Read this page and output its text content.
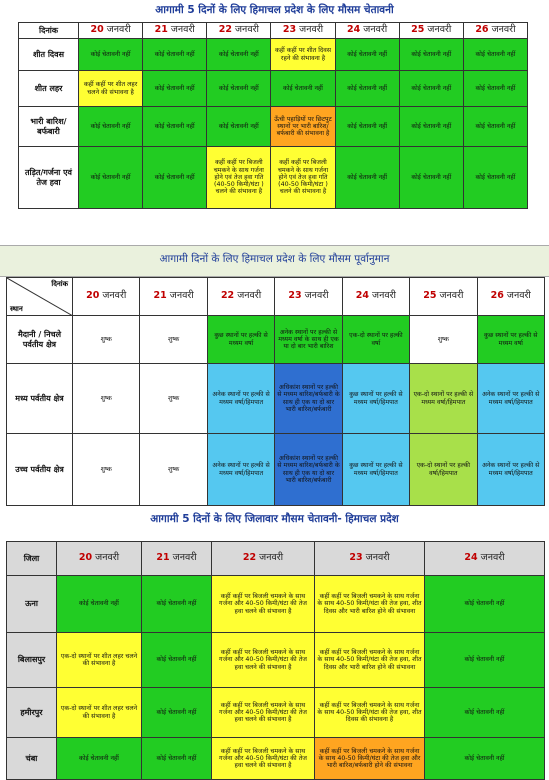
आगामी 5 दिनों के लिए हिमाचल प्रदेश के लिए मौसम चेतावनी
दिनांक	20 जनवरी	21 जनवरी	22 जनवरी	23 जनवरी	24 जनवरी	25 जनवरी	26 जनवरी
शीत दिवस	कोई चेतावनी नहीं	कोई चेतावनी नहीं	कोई चेतावनी नहीं	कहीं कहीं पर शीत दिवस रहने की संभावना है	कोई चेतावनी नहीं	कोई चेतावनी नहीं	कोई चेतावनी नहीं
शीत लहर	कहीं कहीं पर शीत लहर चलने की संभावना है	कोई चेतावनी नहीं	कोई चेतावनी नहीं	कोई चेतावनी नहीं	कोई चेतावनी नहीं	कोई चेतावनी नहीं	कोई चेतावनी नहीं
भारी बारिश/बर्फबारी	कोई चेतावनी नहीं	कोई चेतावनी नहीं	कोई चेतावनी नहीं	ऊँची पहाड़ियों पर छिटपुट स्थानों पर भारी बारिश/बर्फबारी की संभावना है	कोई चेतावनी नहीं	कोई चेतावनी नहीं	कोई चेतावनी नहीं
तड़ित/गर्जना एवं तेज हवा	कोई चेतावनी नहीं	कोई चेतावनी नहीं	कहीं कहीं पर बिजली चमकने के साथ गर्जना होने एवं तेज हवा गति (40-50 किमी/घंटा ) चलने की संभावना है	कहीं कहीं पर बिजली चमकने के साथ गर्जना होने एवं तेज हवा गति (40-50 किमी/घंटा ) चलने की संभावना है	कोई चेतावनी नहीं	कोई चेतावनी नहीं	कोई चेतावनी नहीं
आगामी दिनों के लिए हिमाचल प्रदेश के लिए मौसम पूर्वानुमान
दिनांक
स्थान	20 जनवरी	21 जनवरी	22 जनवरी	23 जनवरी	24 जनवरी	25 जनवरी	26 जनवरी
मैदानी / निचले पर्वतीय क्षेत्र	शुष्क	शुष्क	कुछ स्थानों पर हल्की से मध्यम वर्षा	अनेक स्थानों पर हल्की से मध्यम वर्षा के साथ ही एक या दो बार भारी बारिश	एक-दो स्थानों पर हल्की वर्षा	शुष्क	कुछ स्थानों पर हल्की से मध्यम वर्षा
मध्य पर्वतीय क्षेत्र	शुष्क	शुष्क	अनेक स्थानों पर हल्की से मध्यम वर्षा/हिमपात	अधिकांश स्थानों पर हल्की से मध्यम बारिश/बर्फबारी के साथ ही एक या दो बार भारी बारिश/बर्फबारी	कुछ स्थानों पर हल्की से मध्यम वर्षा/हिमपात	एक-दो स्थानों पर हल्की से मध्यम वर्षा/हिमपात	अनेक स्थानों पर हल्की से मध्यम वर्षा/हिमपात
उच्च पर्वतीय क्षेत्र	शुष्क	शुष्क	अनेक स्थानों पर हल्की से मध्यम वर्षा/हिमपात	अधिकांश स्थानों पर हल्की से मध्यम बारिश/बर्फबारी के साथ ही एक या दो बार भारी बारिश/बर्फबारी	कुछ स्थानों पर हल्की से मध्यम वर्षा/हिमपात	एक-दो स्थानों पर हल्की वर्षा/हिमपात	अनेक स्थानों पर हल्की से मध्यम वर्षा/हिमपात
आगामी 5 दिनों के लिए जिलावार मौसम चेतावनी- हिमाचल प्रदेश
जिला	20 जनवरी	21 जनवरी	22 जनवरी	23 जनवरी	24 जनवरी
ऊना	कोई चेतावनी नहीं	कोई चेतावनी नहीं	कहीं कहीं पर बिजली चमकने के साथ गर्जना और 40-50 किमी/घंटा की तेज हवा चलने की संभावना है	कहीं कहीं पर बिजली चमकने के साथ गर्जना के साथ 40-50 किमी/घंटा की तेज हवा, शीत दिवस और भारी बारिश होने की संभावना	कोई चेतावनी नहीं
बिलासपुर	एक-दो स्थानों पर शीत लहर चलने की संभावना है	कोई चेतावनी नहीं	कहीं कहीं पर बिजली चमकने के साथ गर्जना और 40-50 किमी/घंटा की तेज हवा चलने की संभावना है	कहीं कहीं पर बिजली चमकने के साथ गर्जना के साथ 40-50 किमी/घंटा की तेज हवा, शीत दिवस और भारी बारिश होने की संभावना	कोई चेतावनी नहीं
हमीरपुर	एक-दो स्थानों पर शीत लहर चलने की संभावना है	कोई चेतावनी नहीं	कहीं कहीं पर बिजली चमकने के साथ गर्जना और 40-50 किमी/घंटा की तेज हवा चलने की संभावना है	कहीं कहीं पर बिजली चमकने के साथ गर्जना के साथ 40-50 किमी/घंटा की तेज हवा, शीत दिवस की संभावना है	कोई चेतावनी नहीं
चंबा	कोई चेतावनी नहीं	कोई चेतावनी नहीं	कहीं कहीं पर बिजली चमकने के साथ गर्जना और 40-50 किमी/घंटा की तेज हवा चलने की संभावना है	कहीं कहीं पर बिजली चमकने के साथ गर्जना के साथ 40-50 किमी/घंटा की तेज हवा और भारी बारिश/बर्फबारी होने की संभावना	कोई चेतावनी नहीं
